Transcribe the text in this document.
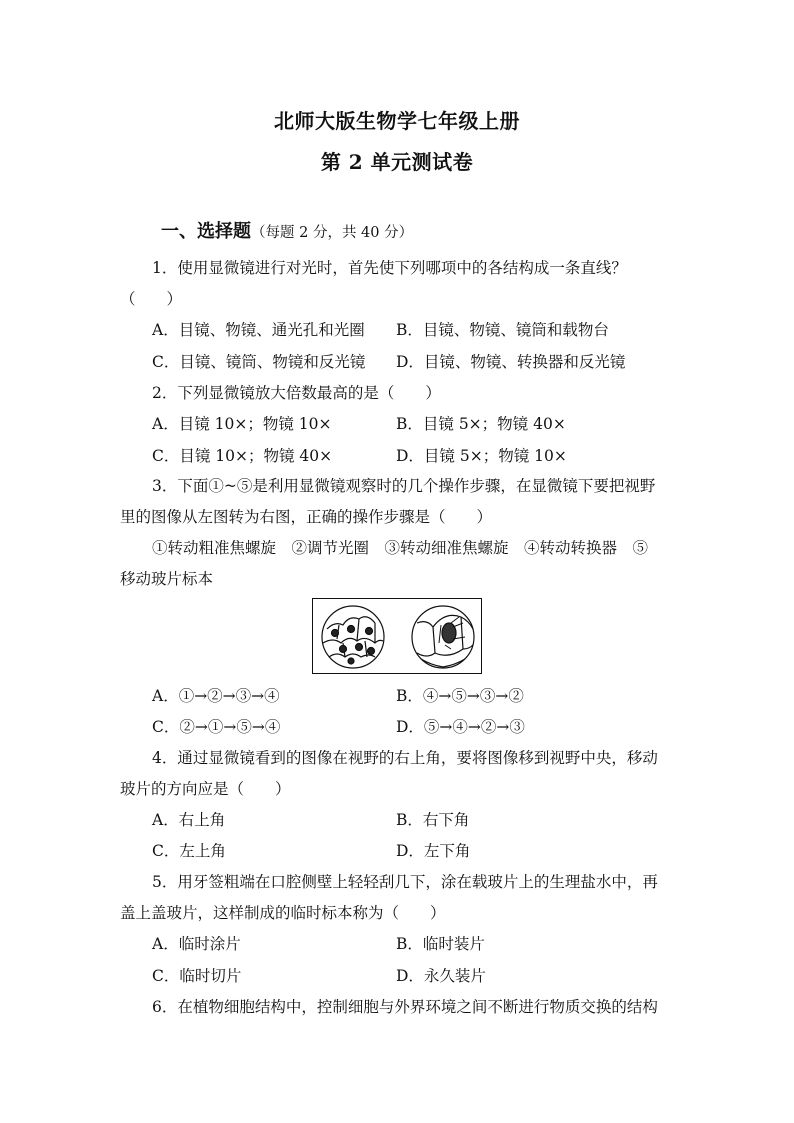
北师大版生物学七年级上册
第 2 单元测试卷
一、选择题（每题 2 分，共 40 分）
1．使用显微镜进行对光时，首先使下列哪项中的各结构成一条直线？
（　　）
A．目镜、物镜、通光孔和光圈 B．目镜、物镜、镜筒和载物台
C．目镜、镜筒、物镜和反光镜 D．目镜、物镜、转换器和反光镜
2．下列显微镜放大倍数最高的是（　　）
A．目镜 10×；物镜 10×	B．目镜 5×；物镜 40×
C．目镜 10×；物镜 40×	D．目镜 5×；物镜 10×
3．下面①~⑤是利用显微镜观察时的几个操作步骤，在显微镜下要把视野
里的图像从左图转为右图，正确的操作步骤是（　　）
①转动粗准焦螺旋　②调节光圈　③转动细准焦螺旋　④转动转换器　⑤
移动玻片标本
A．①→②→③→④	B．④→⑤→③→②
C．②→①→⑤→④	D．⑤→④→②→③
4．通过显微镜看到的图像在视野的右上角，要将图像移到视野中央，移动
玻片的方向应是（　　）
A．右上角	B．右下角
C．左上角	D．左下角
5．用牙签粗端在口腔侧壁上轻轻刮几下，涂在载玻片上的生理盐水中，再
盖上盖玻片，这样制成的临时标本称为（　　）
A．临时涂片	B．临时装片
C．临时切片	D．永久装片
6．在植物细胞结构中，控制细胞与外界环境之间不断进行物质交换的结构
